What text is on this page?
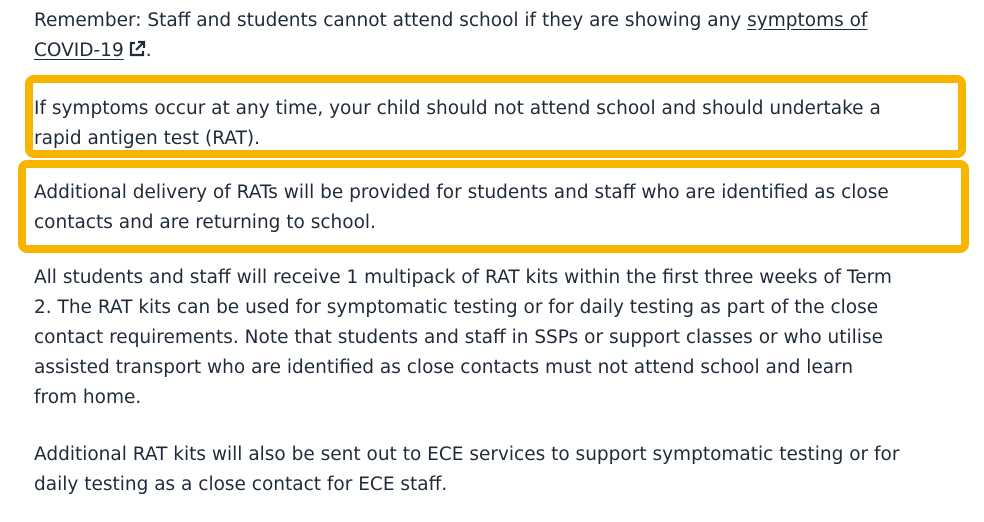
Remember: Staff and students cannot attend school if they are showing any symptoms of
COVID-19 .

If symptoms occur at any time, your child should not attend school and should undertake a
rapid antigen test (RAT).

Additional delivery of RATs will be provided for students and staff who are identified as close
contacts and are returning to school.

All students and staff will receive 1 multipack of RAT kits within the first three weeks of Term
2. The RAT kits can be used for symptomatic testing or for daily testing as part of the close
contact requirements. Note that students and staff in SSPs or support classes or who utilise
assisted transport who are identified as close contacts must not attend school and learn
from home.

Additional RAT kits will also be sent out to ECE services to support symptomatic testing or for
daily testing as a close contact for ECE staff.
